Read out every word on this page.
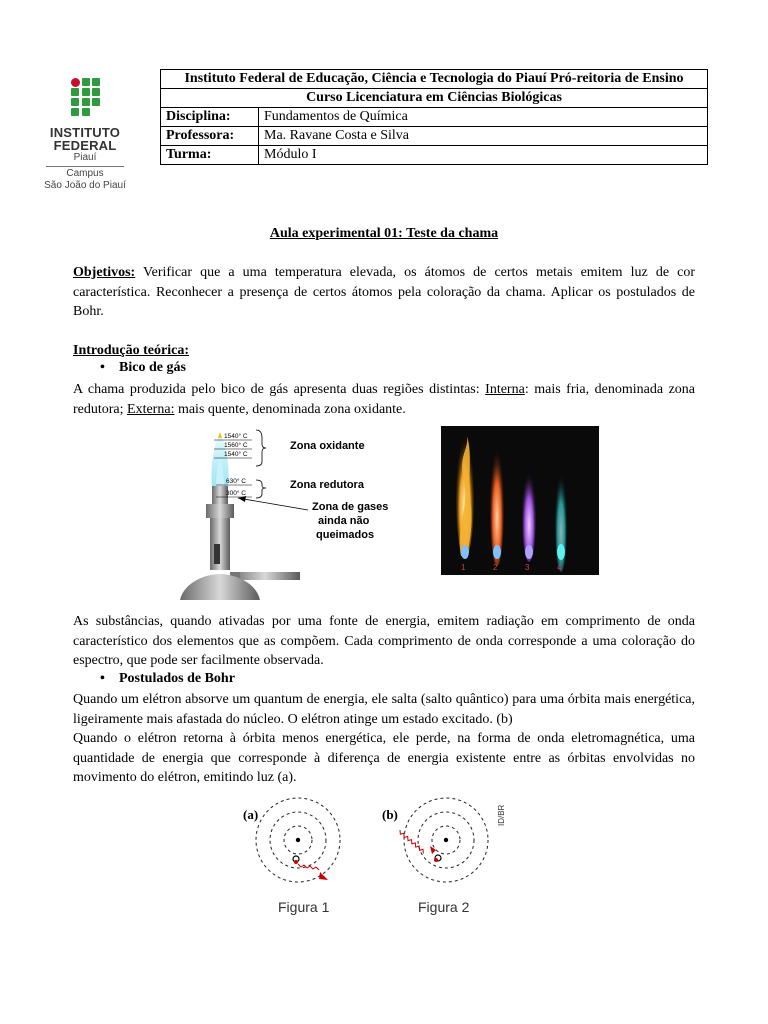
INSTITUTO
FEDERAL
Piauí
Campus
São João do Piauí
Instituto Federal de Educação, Ciência e Tecnologia do Piauí Pró-reitoria de Ensino	
Curso Licenciatura em Ciências Biológicas	
Disciplina:	Fundamentos de Química
Professora:	Ma. Ravane Costa e Silva
Turma:	Módulo I
Aula experimental 01: Teste da chama
Objetivos: Verificar que a uma temperatura elevada, os átomos de certos metais emitem luz de cor característica. Reconhecer a presença de certos átomos pela coloração da chama. Aplicar os postulados de Bohr.
Introdução teórica:
• Bico de gás
A chama produzida pelo bico de gás apresenta duas regiões distintas: Interna: mais fria, denominada zona redutora; Externa: mais quente, denominada zona oxidante.
1540° C
1560° C
1540° C
630° C
300° C
Zona oxidante
Zona redutora
Zona de gases
ainda não
queimados
1	2	3	4
As substâncias, quando ativadas por uma fonte de energia, emitem radiação em comprimento de onda característico dos elementos que as compõem. Cada comprimento de onda corresponde a uma coloração do espectro, que pode ser facilmente observada.
• Postulados de Bohr
Quando um elétron absorve um quantum de energia, ele salta (salto quântico) para uma órbita mais energética, ligeiramente mais afastada do núcleo. O elétron atinge um estado excitado. (b)
Quando o elétron retorna à órbita menos energética, ele perde, na forma de onda eletromagnética, uma quantidade de energia que corresponde à diferença de energia existente entre as órbitas envolvidas no movimento do elétron, emitindo luz (a).
(a)	(b)
Figura 1	Figura 2
ID/BR
